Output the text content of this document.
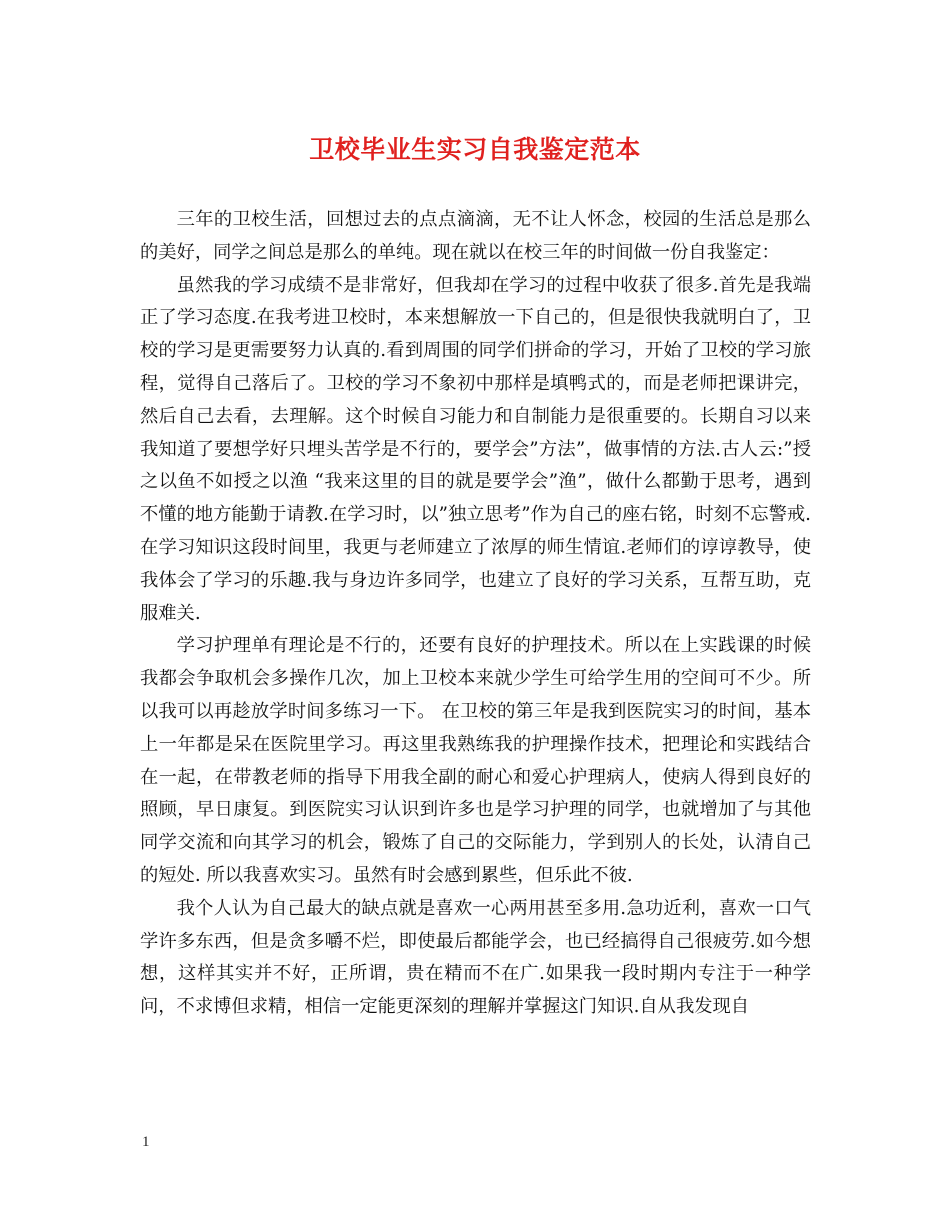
卫校毕业生实习自我鉴定范本

三年的卫校生活，回想过去的点点滴滴，无不让人怀念，校园的生活总是那么的美好，同学之间总是那么的单纯。现在就以在校三年的时间做一份自我鉴定：

虽然我的学习成绩不是非常好，但我却在学习的过程中收获了很多.首先是我端正了学习态度.在我考进卫校时，本来想解放一下自己的，但是很快我就明白了，卫校的学习是更需要努力认真的.看到周围的同学们拼命的学习，开始了卫校的学习旅程，觉得自己落后了。卫校的学习不象初中那样是填鸭式的，而是老师把课讲完，然后自己去看，去理解。这个时候自习能力和自制能力是很重要的。长期自习以来我知道了要想学好只埋头苦学是不行的，要学会”方法”，做事情的方法.古人云:”授之以鱼不如授之以渔 “我来这里的目的就是要学会”渔”，做什么都勤于思考，遇到不懂的地方能勤于请教.在学习时，以”独立思考”作为自己的座右铭，时刻不忘警戒.在学习知识这段时间里，我更与老师建立了浓厚的师生情谊.老师们的谆谆教导，使我体会了学习的乐趣.我与身边许多同学，也建立了良好的学习关系，互帮互助，克服难关.

学习护理单有理论是不行的，还要有良好的护理技术。所以在上实践课的时候我都会争取机会多操作几次，加上卫校本来就少学生可给学生用的空间可不少。所以我可以再趁放学时间多练习一下。 在卫校的第三年是我到医院实习的时间，基本上一年都是呆在医院里学习。再这里我熟练我的护理操作技术，把理论和实践结合在一起，在带教老师的指导下用我全副的耐心和爱心护理病人，使病人得到良好的照顾，早日康复。到医院实习认识到许多也是学习护理的同学，也就增加了与其他同学交流和向其学习的机会，锻炼了自己的交际能力，学到别人的长处，认清自己的短处. 所以我喜欢实习。虽然有时会感到累些，但乐此不彼.

我个人认为自己最大的缺点就是喜欢一心两用甚至多用.急功近利，喜欢一口气学许多东西，但是贪多嚼不烂，即使最后都能学会，也已经搞得自己很疲劳.如今想想，这样其实并不好，正所谓，贵在精而不在广.如果我一段时期内专注于一种学问，不求博但求精，相信一定能更深刻的理解并掌握这门知识.自从我发现自

1
